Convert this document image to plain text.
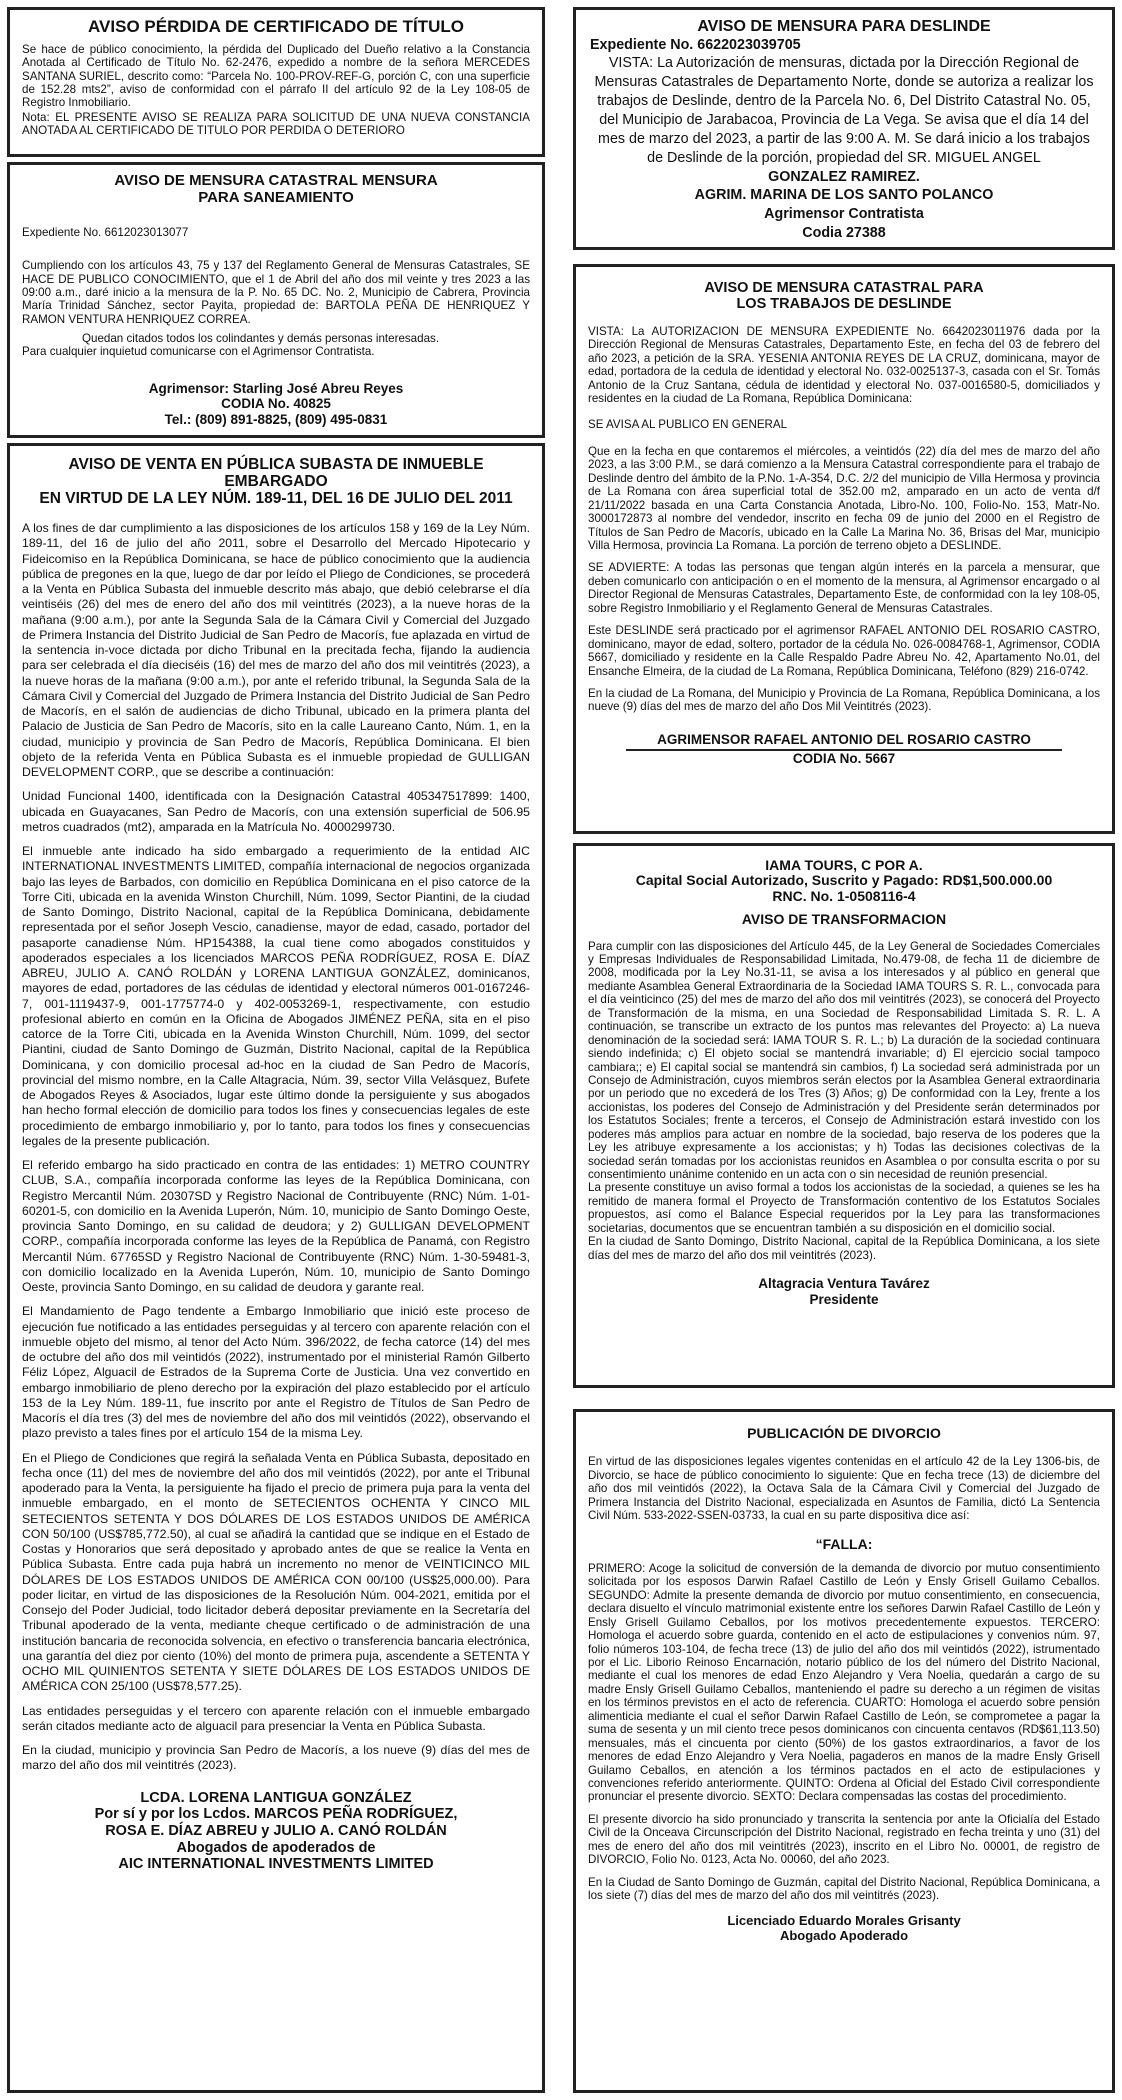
AVISO PÉRDIDA DE CERTIFICADO DE TÍTULO
Se hace de público conocimiento, la pérdida del Duplicado del Dueño relativo a la Constancia Anotada al Certificado de Título No. 62-2476, expedido a nombre de la señora MERCEDES SANTANA SURIEL, descrito como: “Parcela No. 100-PROV-REF-G, porción C, con una superficie de 152.28 mts2”, aviso de conformidad con el párrafo II del artículo 92 de la Ley 108-05 de Registro Inmobiliario.
Nota: EL PRESENTE AVISO SE REALIZA PARA SOLICITUD DE UNA NUEVA CONSTANCIA ANOTADA AL CERTIFICADO DE TITULO POR PERDIDA O DETERIORO
AVISO DE MENSURA CATASTRAL MENSURA
PARA SANEAMIENTO
Expediente No. 6612023013077
Cumpliendo con los artículos 43, 75 y 137 del Reglamento General de Mensuras Catastrales, SE HACE DE PUBLICO CONOCIMIENTO, que el 1 de Abril del año dos mil veinte y tres 2023 a las 09:00 a.m., daré inicio a la mensura de la P. No. 65 DC. No. 2, Municipio de Cabrera, Provincia María Trinidad Sánchez, sector Payita, propiedad de: BARTOLA PEÑA DE HENRIQUEZ Y RAMON VENTURA HENRIQUEZ CORREA.
Quedan citados todos los colindantes y demás personas interesadas.
Para cualquier inquietud comunicarse con el Agrimensor Contratista.
Agrimensor: Starling José Abreu Reyes
CODIA No. 40825
Tel.: (809) 891-8825, (809) 495-0831
AVISO DE VENTA EN PÚBLICA SUBASTA DE INMUEBLE
EMBARGADO
EN VIRTUD DE LA LEY NÚM. 189-11, DEL 16 DE JULIO DEL 2011

A los fines de dar cumplimiento a las disposiciones de los artículos 158 y 169 de la Ley Núm. 189-11, del 16 de julio del año 2011, sobre el Desarrollo del Mercado Hipotecario y Fideicomiso en la República Dominicana, se hace de público conocimiento que la audiencia pública de pregones en la que, luego de dar por leído el Pliego de Condiciones, se procederá a la Venta en Pública Subasta del inmueble descrito más abajo, que debió celebrarse el día veintiséis (26) del mes de enero del año dos mil veintitrés (2023), a la nueve horas de la mañana (9:00 a.m.), por ante la Segunda Sala de la Cámara Civil y Comercial del Juzgado de Primera Instancia del Distrito Judicial de San Pedro de Macorís, fue aplazada en virtud de la sentencia in-voce dictada por dicho Tribunal en la precitada fecha, fijando la audiencia para ser celebrada el día dieciséis (16) del mes de marzo del año dos mil veintitrés (2023), a la nueve horas de la mañana (9:00 a.m.), por ante el referido tribunal, la Segunda Sala de la Cámara Civil y Comercial del Juzgado de Primera Instancia del Distrito Judicial de San Pedro de Macorís, en el salón de audiencias de dicho Tribunal, ubicado en la primera planta del Palacio de Justicia de San Pedro de Macorís, sito en la calle Laureano Canto, Núm. 1, en la ciudad, municipio y provincia de San Pedro de Macorís, República Dominicana. El bien objeto de la referida Venta en Pública Subasta es el inmueble propiedad de GULLIGAN DEVELOPMENT CORP., que se describe a continuación:

Unidad Funcional 1400, identificada con la Designación Catastral 405347517899: 1400, ubicada en Guayacanes, San Pedro de Macorís, con una extensión superficial de 506.95 metros cuadrados (mt2), amparada en la Matrícula No. 4000299730.

El inmueble ante indicado ha sido embargado a requerimiento de la entidad AIC INTERNATIONAL INVESTMENTS LIMITED, compañía internacional de negocios organizada bajo las leyes de Barbados, con domicilio en República Dominicana en el piso catorce de la Torre Citi, ubicada en la avenida Winston Churchill, Núm. 1099, Sector Piantini, de la ciudad de Santo Domingo, Distrito Nacional, capital de la República Dominicana, debidamente representada por el señor Joseph Vescio, canadiense, mayor de edad, casado, portador del pasaporte canadiense Núm. HP154388, la cual tiene como abogados constituidos y apoderados especiales a los licenciados MARCOS PEÑA RODRÍGUEZ, ROSA E. DÍAZ ABREU, JULIO A. CANÓ ROLDÁN y LORENA LANTIGUA GONZÁLEZ, dominicanos, mayores de edad, portadores de las cédulas de identidad y electoral números 001-0167246-7, 001-1119437-9, 001-1775774-0 y 402-0053269-1, respectivamente, con estudio profesional abierto en común en la Oficina de Abogados JIMÉNEZ PEÑA, sita en el piso catorce de la Torre Citi, ubicada en la Avenida Winston Churchill, Núm. 1099, del sector Piantini, ciudad de Santo Domingo de Guzmán, Distrito Nacional, capital de la República Dominicana, y con domicilio procesal ad-hoc en la ciudad de San Pedro de Macorís, provincial del mismo nombre, en la Calle Altagracia, Núm. 39, sector Villa Velásquez, Bufete de Abogados Reyes & Asociados, lugar este último donde la persiguiente y sus abogados han hecho formal elección de domicilio para todos los fines y consecuencias legales de este procedimiento de embargo inmobiliario y, por lo tanto, para todos los fines y consecuencias legales de la presente publicación.

El referido embargo ha sido practicado en contra de las entidades: 1) METRO COUNTRY CLUB, S.A., compañía incorporada conforme las leyes de la República Dominicana, con Registro Mercantil Núm. 20307SD y Registro Nacional de Contribuyente (RNC) Núm. 1-01-60201-5, con domicilio en la Avenida Luperón, Núm. 10, municipio de Santo Domingo Oeste, provincia Santo Domingo, en su calidad de deudora; y 2) GULLIGAN DEVELOPMENT CORP., compañía incorporada conforme las leyes de la República de Panamá, con Registro Mercantil Núm. 67765SD y Registro Nacional de Contribuyente (RNC) Núm. 1-30-59481-3, con domicilio localizado en la Avenida Luperón, Núm. 10, municipio de Santo Domingo Oeste, provincia Santo Domingo, en su calidad de deudora y garante real.

El Mandamiento de Pago tendente a Embargo Inmobiliario que inició este proceso de ejecución fue notificado a las entidades perseguidas y al tercero con aparente relación con el inmueble objeto del mismo, al tenor del Acto Núm. 396/2022, de fecha catorce (14) del mes de octubre del año dos mil veintidós (2022), instrumentado por el ministerial Ramón Gilberto Féliz López, Alguacil de Estrados de la Suprema Corte de Justicia. Una vez convertido en embargo inmobiliario de pleno derecho por la expiración del plazo establecido por el artículo 153 de la Ley Núm. 189-11, fue inscrito por ante el Registro de Títulos de San Pedro de Macorís el día tres (3) del mes de noviembre del año dos mil veintidós (2022), observando el plazo previsto a tales fines por el artículo 154 de la misma Ley.

En el Pliego de Condiciones que regirá la señalada Venta en Pública Subasta, depositado en fecha once (11) del mes de noviembre del año dos mil veintidós (2022), por ante el Tribunal apoderado para la Venta, la persiguiente ha fijado el precio de primera puja para la venta del inmueble embargado, en el monto de SETECIENTOS OCHENTA Y CINCO MIL SETECIENTOS SETENTA Y DOS DÓLARES DE LOS ESTADOS UNIDOS DE AMÉRICA CON 50/100 (US$785,772.50), al cual se añadirá la cantidad que se indique en el Estado de Costas y Honorarios que será depositado y aprobado antes de que se realice la Venta en Pública Subasta. Entre cada puja habrá un incremento no menor de VEINTICINCO MIL DÓLARES DE LOS ESTADOS UNIDOS DE AMÉRICA CON 00/100 (US$25,000.00). Para poder licitar, en virtud de las disposiciones de la Resolución Núm. 004-2021, emitida por el Consejo del Poder Judicial, todo licitador deberá depositar previamente en la Secretaría del Tribunal apoderado de la venta, mediante cheque certificado o de administración de una institución bancaria de reconocida solvencia, en efectivo o transferencia bancaria electrónica, una garantía del diez por ciento (10%) del monto de primera puja, ascendente a SETENTA Y OCHO MIL QUINIENTOS SETENTA Y SIETE DÓLARES DE LOS ESTADOS UNIDOS DE AMÉRICA CON 25/100 (US$78,577.25).

Las entidades perseguidas y el tercero con aparente relación con el inmueble embargado serán citados mediante acto de alguacil para presenciar la Venta en Pública Subasta.

En la ciudad, municipio y provincia San Pedro de Macorís, a los nueve (9) días del mes de marzo del año dos mil veintitrés (2023).

LCDA. LORENA LANTIGUA GONZÁLEZ
Por sí y por los Lcdos. MARCOS PEÑA RODRÍGUEZ,
ROSA E. DÍAZ ABREU y JULIO A. CANÓ ROLDÁN
Abogados de apoderados de
AIC INTERNATIONAL INVESTMENTS LIMITED
AVISO DE MENSURA PARA DESLINDE
Expediente No. 6622023039705
VISTA: La Autorización de mensuras, dictada por la Dirección Regional de Mensuras Catastrales de Departamento Norte, donde se autoriza a realizar los trabajos de Deslinde, dentro de la Parcela No. 6, Del Distrito Catastral No. 05, del Municipio de Jarabacoa, Provincia de La Vega. Se avisa que el día 14 del mes de marzo del 2023, a partir de las 9:00 A. M. Se dará inicio a los trabajos de Deslinde de la porción, propiedad del SR. MIGUEL ANGEL
GONZALEZ RAMIREZ.
AGRIM. MARINA DE LOS SANTO POLANCO
Agrimensor Contratista
Codia 27388
AVISO DE MENSURA CATASTRAL PARA
LOS TRABAJOS DE DESLINDE

VISTA: La AUTORIZACION DE MENSURA EXPEDIENTE No. 6642023011976 dada por la Dirección Regional de Mensuras Catastrales, Departamento Este, en fecha del 03 de febrero del año 2023, a petición de la SRA. YESENIA ANTONIA REYES DE LA CRUZ, dominicana, mayor de edad, portadora de la cedula de identidad y electoral No. 032-0025137-3, casada con el Sr. Tomás Antonio de la Cruz Santana, cédula de identidad y electoral No. 037-0016580-5, domiciliados y residentes en la ciudad de La Romana, República Dominicana:

SE AVISA AL PUBLICO EN GENERAL

Que en la fecha en que contaremos el miércoles, a veintidós (22) día del mes de marzo del año 2023, a las 3:00 P.M., se dará comienzo a la Mensura Catastral correspondiente para el trabajo de Deslinde dentro del ámbito de la P.No. 1-A-354, D.C. 2/2 del municipio de Villa Hermosa y provincia de La Romana con área superficial total de 352.00 m2, amparado en un acto de venta d/f 21/11/2022 basada en una Carta Constancia Anotada, Libro-No. 100, Folio-No. 153, Matr-No. 3000172873 al nombre del vendedor, inscrito en fecha 09 de junio del 2000 en el Registro de Títulos de San Pedro de Macorís, ubicado en la Calle La Marina No. 36, Brisas del Mar, municipio Villa Hermosa, provincia La Romana. La porción de terreno objeto a DESLINDE.

SE ADVIERTE: A todas las personas que tengan algún interés en la parcela a mensurar, que deben comunicarlo con anticipación o en el momento de la mensura, al Agrimensor encargado o al Director Regional de Mensuras Catastrales, Departamento Este, de conformidad con la ley 108-05, sobre Registro Inmobiliario y el Reglamento General de Mensuras Catastrales.

Este DESLINDE será practicado por el agrimensor RAFAEL ANTONIO DEL ROSARIO CASTRO, dominicano, mayor de edad, soltero, portador de la cédula No. 026-0084768-1, Agrimensor, CODIA 5667, domiciliado y residente en la Calle Respaldo Padre Abreu No. 42, Apartamento No.01, del Ensanche Elmeira, de la ciudad de La Romana, República Dominicana, Teléfono (829) 216-0742.

En la ciudad de La Romana, del Municipio y Provincia de La Romana, República Dominicana, a los nueve (9) días del mes de marzo del año Dos Mil Veintitrés (2023).

AGRIMENSOR RAFAEL ANTONIO DEL ROSARIO CASTRO
CODIA No. 5667
IAMA TOURS, C POR A.
Capital Social Autorizado, Suscrito y Pagado: RD$1,500.000.00
RNC. No. 1-0508116-4
AVISO DE TRANSFORMACION
Para cumplir con las disposiciones del Artículo 445, de la Ley General de Sociedades Comerciales y Empresas Individuales de Responsabilidad Limitada, No.479-08, de fecha 11 de diciembre de 2008, modificada por la Ley No.31-11, se avisa a los interesados y al público en general que mediante Asamblea General Extraordinaria de la Sociedad IAMA TOURS S. R. L., convocada para el día veinticinco (25) del mes de marzo del año dos mil veintitrés (2023), se conocerá del Proyecto de Transformación de la misma, en una Sociedad de Responsabilidad Limitada S. R. L. A continuación, se transcribe un extracto de los puntos mas relevantes del Proyecto: a) La nueva denominación de la sociedad será: IAMA TOUR S. R. L.; b) La duración de la sociedad continuara siendo indefinida; c) El objeto social se mantendrá invariable; d) El ejercicio social tampoco cambiara;; e) El capital social se mantendrá sin cambios, f) La sociedad será administrada por un Consejo de Administración, cuyos miembros serán electos por la Asamblea General extraordinaria por un periodo que no excederá de los Tres (3) Años; g) De conformidad con la Ley, frente a los accionistas, los poderes del Consejo de Administración y del Presidente serán determinados por los Estatutos Sociales; frente a terceros, el Consejo de Administración estará investido con los poderes más amplios para actuar en nombre de la sociedad, bajo reserva de los poderes que la Ley les atribuye expresamente a los accionistas; y h) Todas las decisiones colectivas de la sociedad serán tomadas por los accionistas reunidos en Asamblea o por consulta escrita o por su consentimiento unánime contenido en un acta con o sin necesidad de reunión presencial.
La presente constituye un aviso formal a todos los accionistas de la sociedad, a quienes se les ha remitido de manera formal el Proyecto de Transformación contentivo de los Estatutos Sociales propuestos, así como el Balance Especial requeridos por la Ley para las transformaciones societarias, documentos que se encuentran también a su disposición en el domicilio social.
En la ciudad de Santo Domingo, Distrito Nacional, capital de la República Dominicana, a los siete días del mes de marzo del año dos mil veintitrés (2023).
Altagracia Ventura Tavárez
Presidente
PUBLICACIÓN DE DIVORCIO

En virtud de las disposiciones legales vigentes contenidas en el artículo 42 de la Ley 1306-bis, de Divorcio, se hace de público conocimiento lo siguiente: Que en fecha trece (13) de diciembre del año dos mil veintidós (2022), la Octava Sala de la Cámara Civil y Comercial del Juzgado de Primera Instancia del Distrito Nacional, especializada en Asuntos de Familia, dictó La Sentencia Civil Núm. 533-2022-SSEN-03733, la cual en su parte dispositiva dice así:

“FALLA:

PRIMERO: Acoge la solicitud de conversión de la demanda de divorcio por mutuo consentimiento solicitada por los esposos Darwin Rafael Castillo de León y Ensly Grisell Guilamo Ceballos. SEGUNDO: Admite la presente demanda de divorcio por mutuo consentimiento, en consecuencia, declara disuelto el vínculo matrimonial existente entre los señores Darwin Rafael Castillo de León y Ensly Grisell Guilamo Ceballos, por los motivos precedentemente expuestos. TERCERO: Homologa el acuerdo sobre guarda, contenido en el acto de estipulaciones y convenios núm. 97, folio números 103-104, de fecha trece (13) de julio del año dos mil veintidós (2022), istrumentado por el Lic. Liborio Reinoso Encarnación, notario público de los del número del Distrito Nacional, mediante el cual los menores de edad Enzo Alejandro y Vera Noelia, quedarán a cargo de su madre Ensly Grisell Guilamo Ceballos, manteniendo el padre su derecho a un régimen de visitas en los términos previstos en el acto de referencia. CUARTO: Homologa el acuerdo sobre pensión alimenticia mediante el cual el señor Darwin Rafael Castillo de León, se comprometee a pagar la suma de sesenta y un mil ciento trece pesos dominicanos con cincuenta centavos (RD$61,113.50) mensuales, más el cincuenta por ciento (50%) de los gastos extraordinarios, a favor de los menores de edad Enzo Alejandro y Vera Noelia, pagaderos en manos de la madre Ensly Grisell Guilamo Ceballos, en atención a los términos pactados en el acto de estipulaciones y convenciones referido anteriormente. QUINTO: Ordena al Oficial del Estado Civil correspondiente pronunciar el presente divorcio. SEXTO: Declara compensadas las costas del procedimiento.

El presente divorcio ha sido pronunciado y transcrita la sentencia por ante la Oficialía del Estado Civil de la Onceava Circunscripción del Distrito Nacional, registrado en fecha treinta y uno (31) del mes de enero del año dos mil veintitrés (2023), inscrito en el Libro No. 00001, de registro de DIVORCIO, Folio No. 0123, Acta No. 00060, del año 2023.

En la Ciudad de Santo Domingo de Guzmán, capital del Distrito Nacional, República Dominicana, a los siete (7) días del mes de marzo del año dos mil veintitrés (2023).

Licenciado Eduardo Morales Grisanty
Abogado Apoderado
